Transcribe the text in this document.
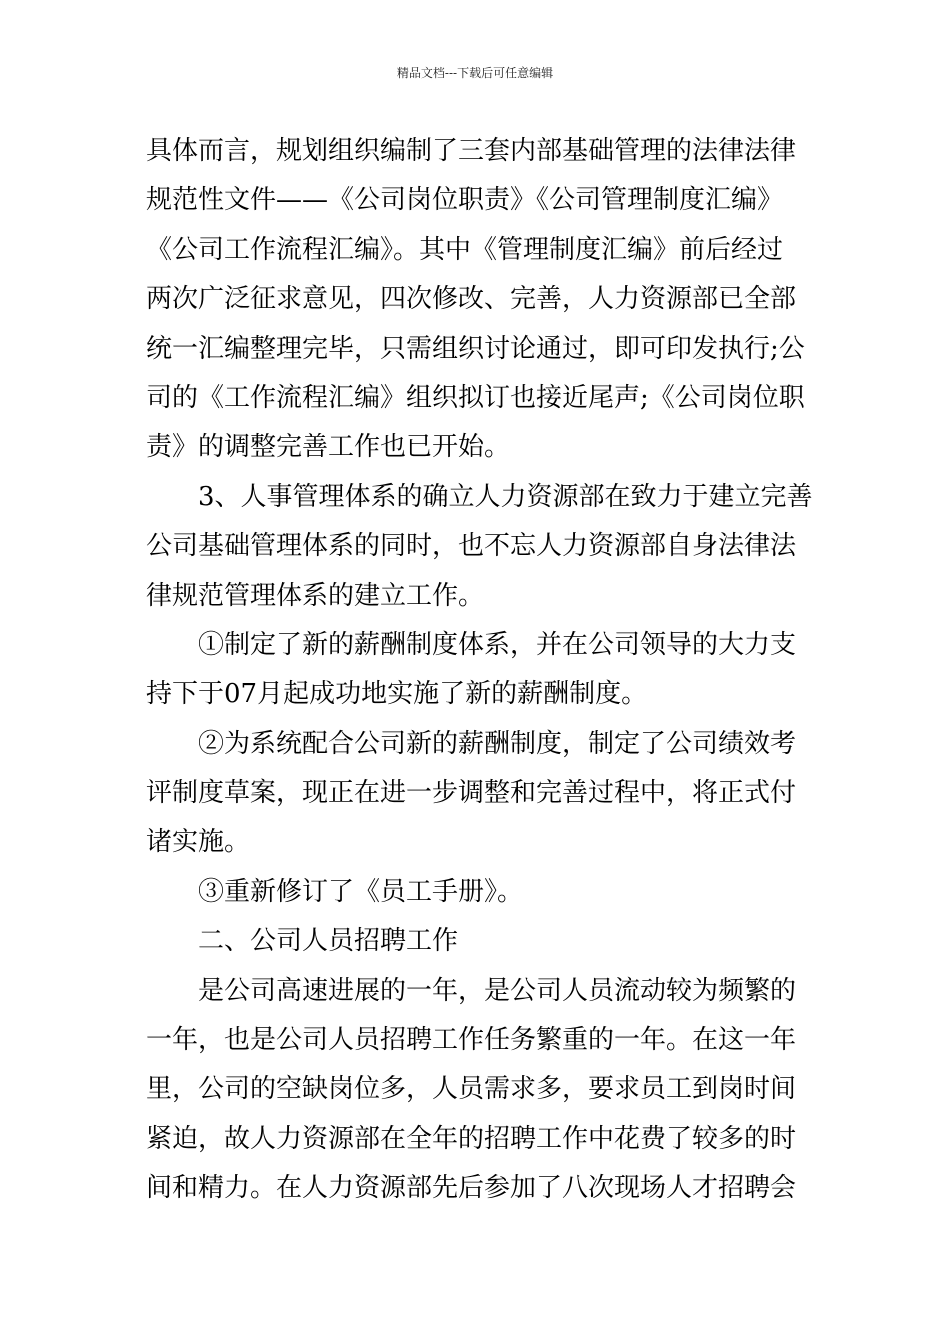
精品文档---下载后可任意编辑
具体而言，规划组织编制了三套内部基础管理的法律法律
规范性文件——《公司岗位职责》《公司管理制度汇编》
《公司工作流程汇编》。其中《管理制度汇编》前后经过
两次广泛征求意见，四次修改、完善，人力资源部已全部
统一汇编整理完毕，只需组织讨论通过，即可印发执行;公
司的《工作流程汇编》组织拟订也接近尾声;《公司岗位职
责》的调整完善工作也已开始。
3、人事管理体系的确立人力资源部在致力于建立完善
公司基础管理体系的同时，也不忘人力资源部自身法律法
律规范管理体系的建立工作。
①制定了新的薪酬制度体系，并在公司领导的大力支
持下于07月起成功地实施了新的薪酬制度。
②为系统配合公司新的薪酬制度，制定了公司绩效考
评制度草案，现正在进一步调整和完善过程中，将正式付
诸实施。
③重新修订了《员工手册》。
二、公司人员招聘工作
是公司高速进展的一年，是公司人员流动较为频繁的
一年，也是公司人员招聘工作任务繁重的一年。在这一年
里，公司的空缺岗位多，人员需求多，要求员工到岗时间
紧迫，故人力资源部在全年的招聘工作中花费了较多的时
间和精力。在人力资源部先后参加了八次现场人才招聘会
